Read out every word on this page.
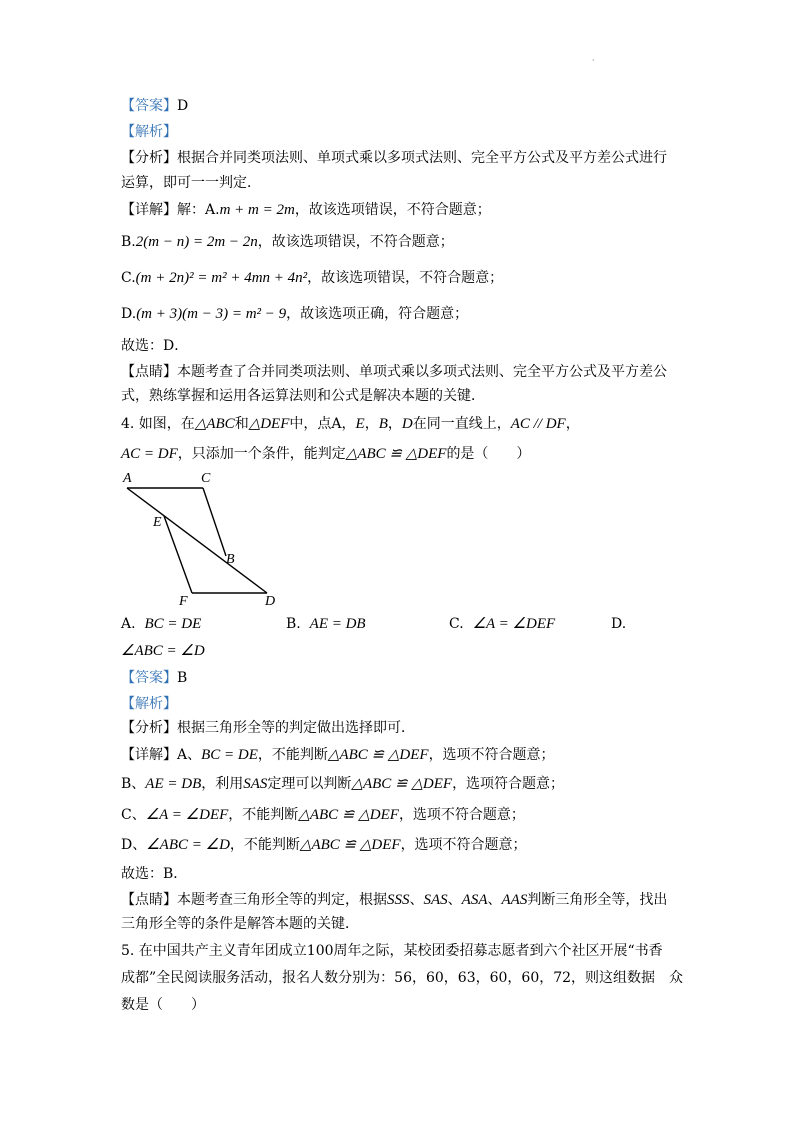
·
【答案】D
【解析】
【分析】根据合并同类项法则、单项式乘以多项式法则、完全平方公式及平方差公式进行
运算，即可一一判定．
【详解】解：A.m + m = 2m，故该选项错误，不符合题意；
B.2(m − n) = 2m − 2n，故该选项错误，不符合题意；
C.(m + 2n)² = m² + 4mn + 4n²，故该选项错误，不符合题意；
D.(m + 3)(m − 3) = m² − 9，故该选项正确，符合题意；
故选：D．
【点睛】本题考查了合并同类项法则、单项式乘以多项式法则、完全平方公式及平方差公
式，熟练掌握和运用各运算法则和公式是解决本题的关键．
4. 如图，在△ABC和△DEF中，点A，E，B，D在同一直线上，AC // DF，
AC = DF，只添加一个条件，能判定△ABC ≌ △DEF的是（　　）
A	C
E
B
F	D
A. BC = DE	B. AE = DB	C. ∠A = ∠DEF	D.
∠ABC = ∠D
【答案】B
【解析】
【分析】根据三角形全等的判定做出选择即可．
【详解】A、BC = DE，不能判断△ABC ≌ △DEF，选项不符合题意；
B、AE = DB，利用SAS定理可以判断△ABC ≌ △DEF，选项符合题意；
C、∠A = ∠DEF，不能判断△ABC ≌ △DEF，选项不符合题意；
D、∠ABC = ∠D，不能判断△ABC ≌ △DEF，选项不符合题意；
故选：B．
【点睛】本题考查三角形全等的判定，根据SSS、SAS、ASA、AAS判断三角形全等，找出
三角形全等的条件是解答本题的关键．
5. 在中国共产主义青年团成立100周年之际，某校团委招募志愿者到六个社区开展“书香
成都”全民阅读服务活动，报名人数分别为：56，60，63，60，60，72，则这组数据　众
数是（　　）
